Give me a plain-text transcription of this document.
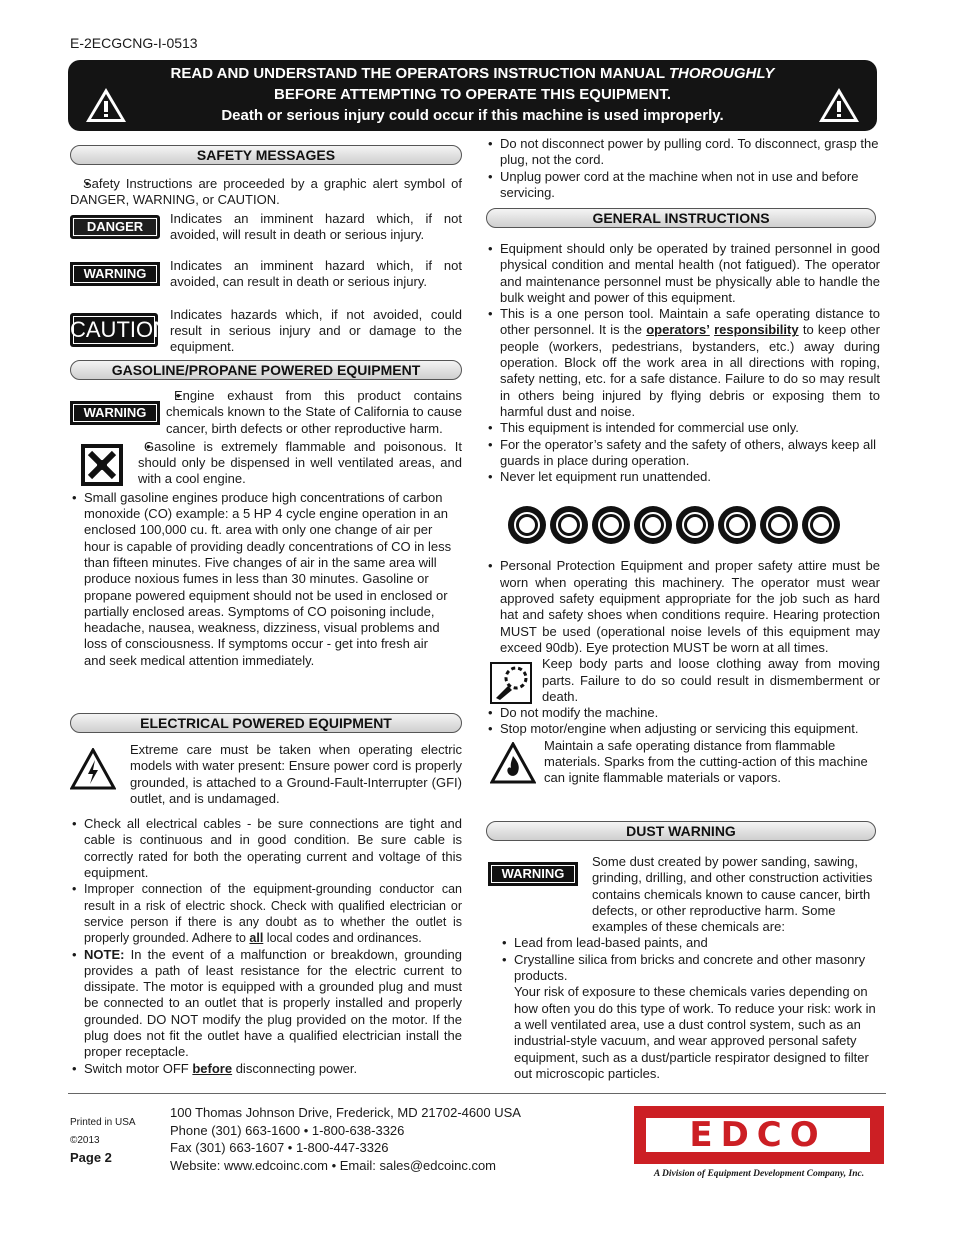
E-2ECGCNG-I-0513
READ AND UNDERSTAND THE OPERATORS INSTRUCTION MANUAL THOROUGHLY
BEFORE ATTEMPTING TO OPERATE THIS EQUIPMENT.
Death or serious injury could occur if this machine is used improperly.
SAFETY MESSAGES
• Safety Instructions are proceeded by a graphic alert symbol of DANGER, WARNING, or CAUTION.
DANGER

Indicates an imminent hazard which, if not avoided, will result in death or serious injury.

WARNING

Indicates an imminent hazard which, if not avoided, can result in death or serious injury.

CAUTION

Indicates hazards which, if not avoided, could result in serious injury and or damage to the equipment.

GASOLINE/PROPANE POWERED EQUIPMENT
WARNING
• Engine exhaust from this product contains chemicals known to the State of California to cause cancer, birth defects or other reproductive harm.
• Gasoline is extremely flammable and poisonous. It should only be dispensed in well ventilated areas, and with a cool engine.
• Small gasoline engines produce high concentrations of carbon monoxide (CO) example: a 5 HP 4 cycle engine operation in an enclosed 100,000 cu. ft. area with only one change of air per hour is capable of providing deadly concentrations of CO in less than fifteen minutes. Five changes of air in the same area will produce noxious fumes in less than 30 minutes. Gasoline or propane powered equipment should not be used in enclosed or partially enclosed areas. Symptoms of CO poisoning include, headache, nausea, weakness, dizziness, visual problems and loss of consciousness. If symptoms occur - get into fresh air and seek medical attention immediately.
ELECTRICAL POWERED EQUIPMENT

Extreme care must be taken when operating electric models with water present: Ensure power cord is properly grounded, is attached to a Ground-Fault-Interrupter (GFI) outlet, and is undamaged.

• Check all electrical cables - be sure connections are tight and cable is continuous and in good condition. Be sure cable is correctly rated for both the operating current and voltage of this equipment.
• Improper connection of the equipment-grounding conductor can result in a risk of electric shock. Check with qualified electrician or service person if there is any doubt as to whether the outlet is properly grounded. Adhere to all local codes and ordinances.
• NOTE: In the event of a malfunction or breakdown, grounding provides a path of least resistance for the electric current to dissipate. The motor is equipped with a grounded plug and must be connected to an outlet that is properly installed and properly grounded. DO NOT modify the plug provided on the motor. If the plug does not fit the outlet have a qualified electrician install the proper receptacle.
• Switch motor OFF before disconnecting power.
• Do not disconnect power by pulling cord. To disconnect, grasp the plug, not the cord.
• Unplug power cord at the machine when not in use and before servicing.
GENERAL INSTRUCTIONS
• Equipment should only be operated by trained personnel in good physical condition and mental health (not fatigued). The operator and maintenance personnel must be physically able to handle the bulk weight and power of this equipment.
• This is a one person tool. Maintain a safe operating distance to other personnel. It is the operators’ responsibility to keep other people (workers, pedestrians, bystanders, etc.) away during operation. Block off the work area in all directions with roping, safety netting, etc. for a safe distance. Failure to do so may result in others being injured by flying debris or exposing them to harmful dust and noise.
• This equipment is intended for commercial use only.
• For the operator’s safety and the safety of others, always keep all guards in place during operation.
• Never let equipment run unattended.
• Personal Protection Equipment and proper safety attire must be worn when operating this machinery. The operator must wear approved safety equipment appropriate for the job such as hard hat and safety shoes when conditions require. Hearing protection MUST be used (operational noise levels of this equipment may exceed 90db). Eye protection MUST be worn at all times.

Keep body parts and loose clothing away from moving parts. Failure to do so could result in dismemberment or death.

• Do not modify the machine.
• Stop motor/engine when adjusting or servicing this equipment.

Maintain a safe operating distance from flammable materials. Sparks from the cutting-action of this machine can ignite flammable materials or vapors.

DUST WARNING
WARNING

Some dust created by power sanding, sawing, grinding, drilling, and other construction activities contains chemicals known to cause cancer, birth defects, or other reproductive harm. Some examples of these chemicals are:

• Lead from lead-based paints, and
• Crystalline silica from bricks and concrete and other masonry products.

Your risk of exposure to these chemicals varies depending on how often you do this type of work. To reduce your risk: work in a well ventilated area, use a dust control system, such as an industrial-style vacuum, and wear approved personal safety equipment, such as a dust/particle respirator designed to filter out microscopic particles.

Printed in USA
©2013
Page 2
100 Thomas Johnson Drive, Frederick, MD 21702-4600 USA
Phone (301) 663-1600 • 1-800-638-3326
Fax (301) 663-1607 • 1-800-447-3326
Website: www.edcoinc.com • Email: sales@edcoinc.com
EDCO
A Division of Equipment Development Company, Inc.
